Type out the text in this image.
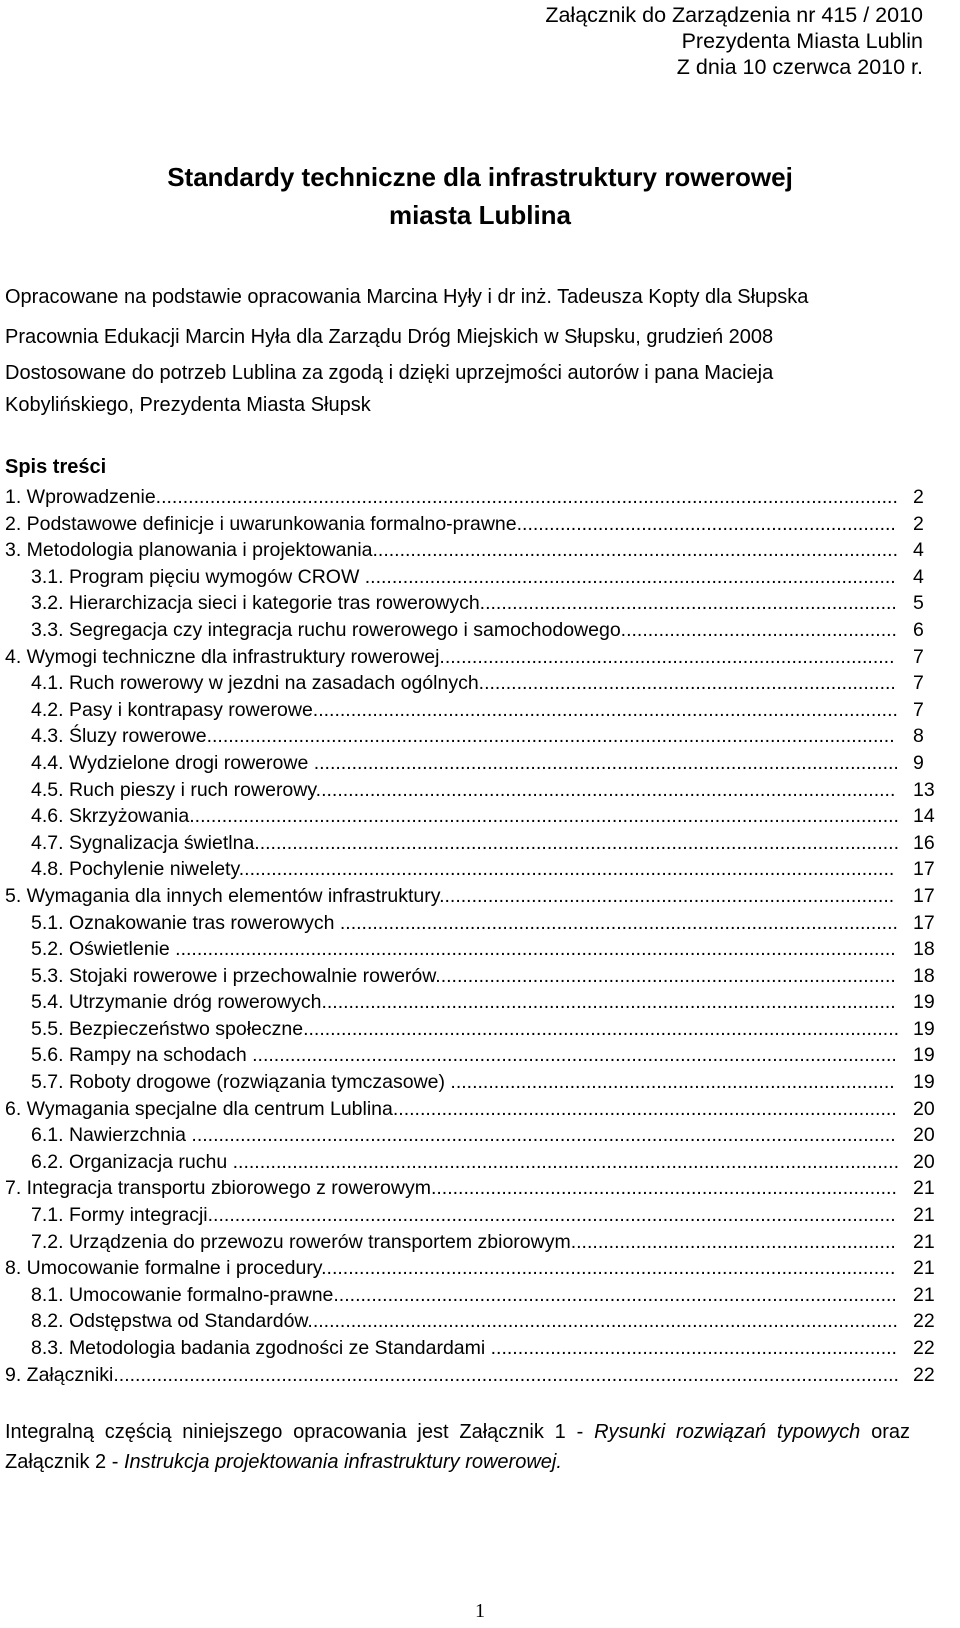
Załącznik do Zarządzenia nr 415 / 2010
Prezydenta Miasta Lublin
Z dnia 10 czerwca 2010 r.
Standardy techniczne dla infrastruktury rowerowej
miasta Lublina
Opracowane na podstawie opracowania Marcina Hyły i dr inż. Tadeusza Kopty dla Słupska
Pracownia Edukacji Marcin Hyła dla Zarządu Dróg Miejskich w Słupsku, grudzień 2008
Dostosowane do potrzeb Lublina za zgodą i dzięki uprzejmości autorów i pana Macieja
Kobylińskiego, Prezydenta Miasta Słupsk
Spis treści
1. Wprowadzenie......................................................................................................................................... 2
2. Podstawowe definicje i uwarunkowania formalno-prawne...................................................................... 2
3. Metodologia planowania i projektowania................................................................................................. 4
3.1. Program pięciu wymogów CROW .................................................................................................. 4
3.2. Hierarchizacja sieci i kategorie tras rowerowych............................................................................. 5
3.3. Segregacja czy integracja ruchu rowerowego i samochodowego................................................... 6
4. Wymogi techniczne dla infrastruktury rowerowej.................................................................................... 7
4.1. Ruch rowerowy w jezdni na zasadach ogólnych............................................................................. 7
4.2. Pasy i kontrapasy rowerowe............................................................................................................ 7
4.3. Śluzy rowerowe............................................................................................................................... 8
4.4. Wydzielone drogi rowerowe ............................................................................................................ 9
4.5. Ruch pieszy i ruch rowerowy........................................................................................................... 13
4.6. Skrzyżowania................................................................................................................................... 14
4.7. Sygnalizacja świetlna....................................................................................................................... 16
4.8. Pochylenie niwelety......................................................................................................................... 17
5. Wymagania dla innych elementów infrastruktury.................................................................................... 17
5.1. Oznakowanie tras rowerowych ....................................................................................................... 17
5.2. Oświetlenie ..................................................................................................................................... 18
5.3. Stojaki rowerowe i przechowalnie rowerów..................................................................................... 18
5.4. Utrzymanie dróg rowerowych.......................................................................................................... 19
5.5. Bezpieczeństwo społeczne.............................................................................................................. 19
5.6. Rampy na schodach ....................................................................................................................... 19
5.7. Roboty drogowe (rozwiązania tymczasowe) .................................................................................. 19
6. Wymagania specjalne dla centrum Lublina............................................................................................. 20
6.1. Nawierzchnia .................................................................................................................................. 20
6.2. Organizacja ruchu ........................................................................................................................... 20
7. Integracja transportu zbiorowego z rowerowym...................................................................................... 21
7.1. Formy integracji............................................................................................................................... 21
7.2. Urządzenia do przewozu rowerów transportem zbiorowym............................................................ 21
8. Umocowanie formalne i procedury.......................................................................................................... 21
8.1. Umocowanie formalno-prawne........................................................................................................ 21
8.2. Odstępstwa od Standardów............................................................................................................. 22
8.3. Metodologia badania zgodności ze Standardami ........................................................................... 22
9. Załączniki................................................................................................................................................. 22
Integralną częścią niniejszego opracowania jest Załącznik 1 - Rysunki rozwiązań typowych oraz Załącznik 2 - Instrukcja projektowania infrastruktury rowerowej.
1
